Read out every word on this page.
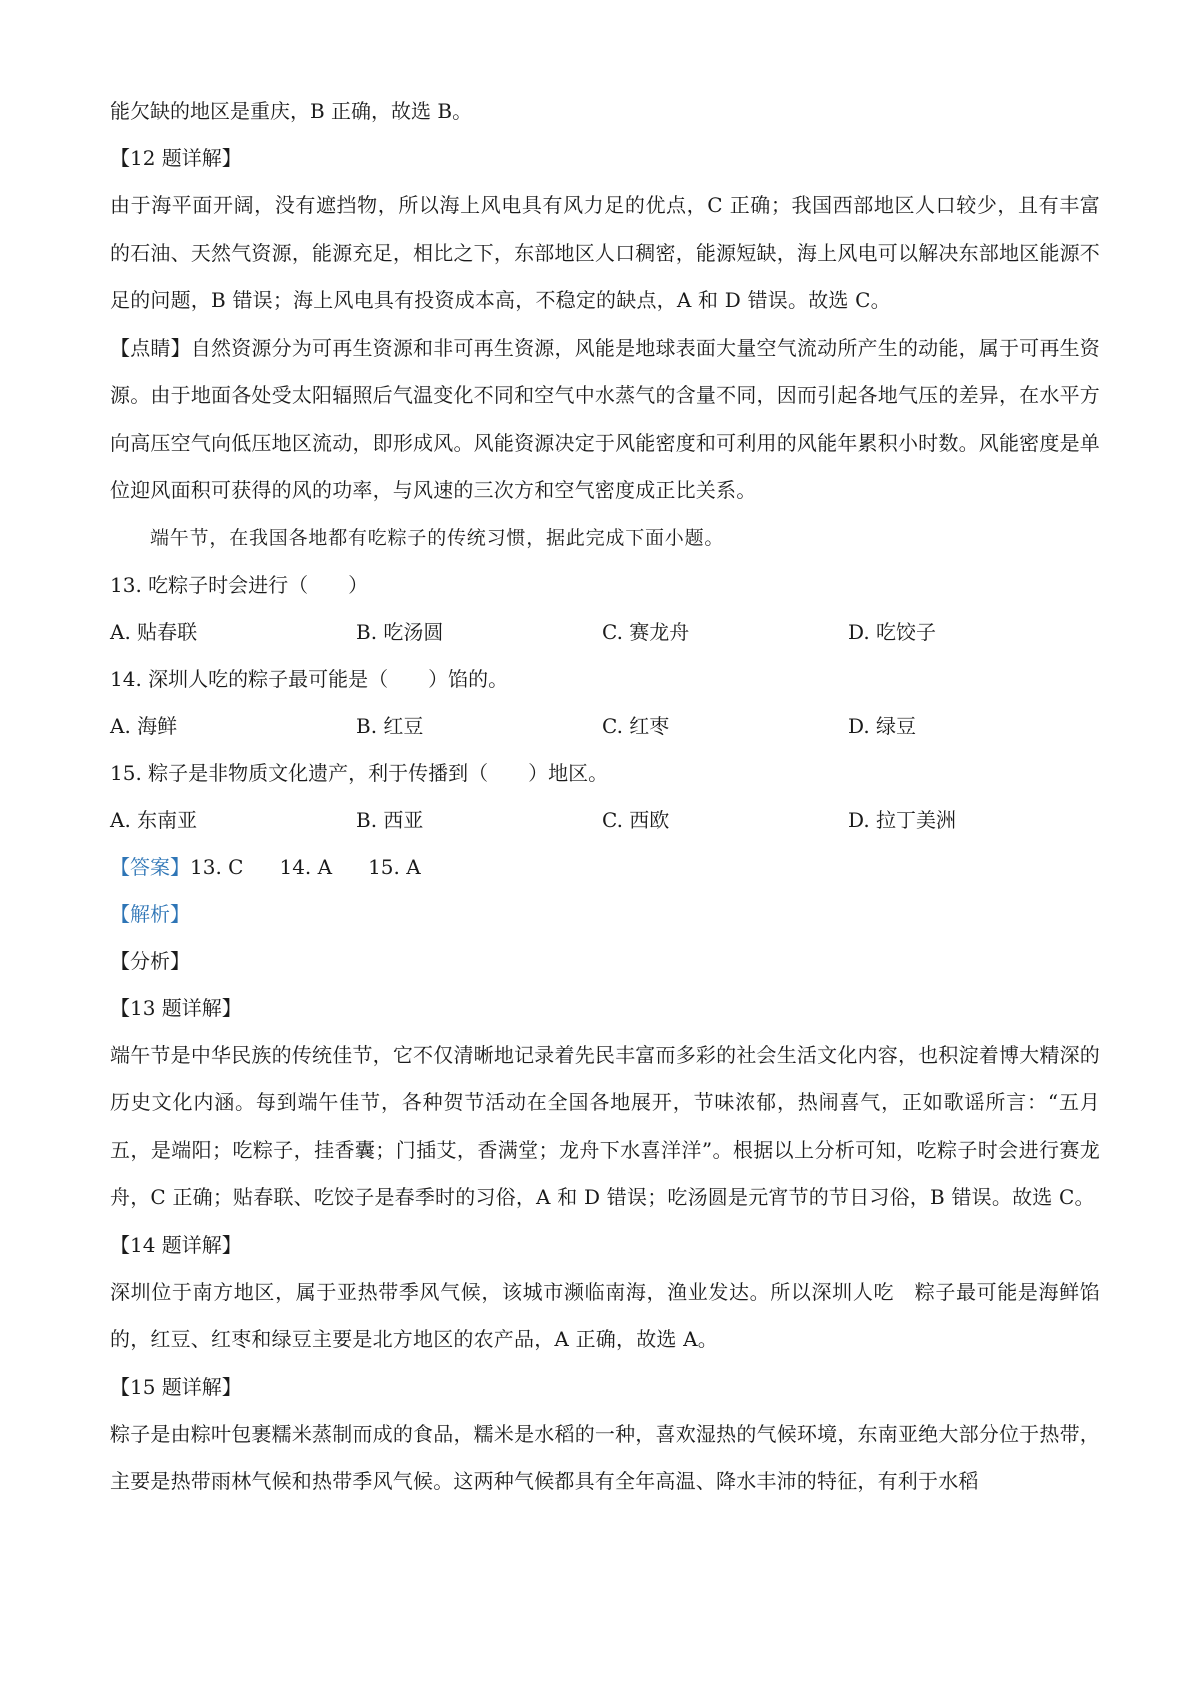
能欠缺的地区是重庆，B 正确，故选 B。

【12 题详解】

由于海平面开阔，没有遮挡物，所以海上风电具有风力足的优点，C 正确；我国西部地区人口较少，且有丰富的石油、天然气资源，能源充足，相比之下，东部地区人口稠密，能源短缺，海上风电可以解决东部地区能源不足的问题，B 错误；海上风电具有投资成本高，不稳定的缺点，A 和 D 错误。故选 C。

【点睛】自然资源分为可再生资源和非可再生资源，风能是地球表面大量空气流动所产生的动能，属于可再生资源。由于地面各处受太阳辐照后气温变化不同和空气中水蒸气的含量不同，因而引起各地气压的差异，在水平方向高压空气向低压地区流动，即形成风。风能资源决定于风能密度和可利用的风能年累积小时数。风能密度是单位迎风面积可获得的风的功率，与风速的三次方和空气密度成正比关系。

端午节，在我国各地都有吃粽子的传统习惯，据此完成下面小题。

13. 吃粽子时会进行（　　）

A. 贴春联	B. 吃汤圆	C. 赛龙舟	D. 吃饺子

14. 深圳人吃的粽子最可能是（　　）馅的。

A. 海鲜	B. 红豆	C. 红枣	D. 绿豆

15. 粽子是非物质文化遗产，利于传播到（　　）地区。

A. 东南亚	B. 西亚	C. 西欧	D. 拉丁美洲

【答案】13. C 14. A 15. A

【解析】

【分析】

【13 题详解】

端午节是中华民族的传统佳节，它不仅清晰地记录着先民丰富而多彩的社会生活文化内容，也积淀着博大精深的历史文化内涵。每到端午佳节，各种贺节活动在全国各地展开，节味浓郁，热闹喜气，正如歌谣所言：“五月五，是端阳；吃粽子，挂香囊；门插艾，香满堂；龙舟下水喜洋洋”。根据以上分析可知，吃粽子时会进行赛龙舟，C 正确；贴春联、吃饺子是春季时的习俗，A 和 D 错误；吃汤圆是元宵节的节日习俗，B 错误。故选 C。

【14 题详解】

深圳位于南方地区，属于亚热带季风气候，该城市濒临南海，渔业发达。所以深圳人吃　粽子最可能是海鲜馅的，红豆、红枣和绿豆主要是北方地区的农产品，A 正确，故选 A。

【15 题详解】

粽子是由粽叶包裹糯米蒸制而成的食品，糯米是水稻的一种，喜欢湿热的气候环境，东南亚绝大部分位于热带，主要是热带雨林气候和热带季风气候。这两种气候都具有全年高温、降水丰沛的特征，有利于水稻
